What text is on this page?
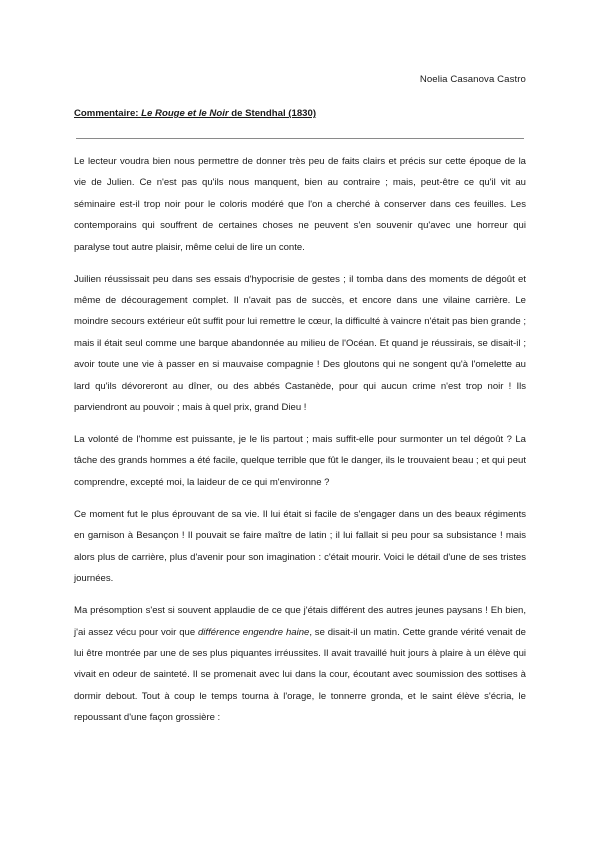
Noelia Casanova Castro
Commentaire: Le Rouge et le Noir de Stendhal (1830)

Le lecteur voudra bien nous permettre de donner très peu de faits clairs et précis sur cette époque de la vie de Julien. Ce n'est pas qu'ils nous manquent, bien au contraire ; mais, peut-être ce qu'il vit au séminaire est-il trop noir pour le coloris modéré que l'on a cherché à conserver dans ces feuilles. Les contemporains qui souffrent de certaines choses ne peuvent s'en souvenir qu'avec une horreur qui paralyse tout autre plaisir, même celui de lire un conte.

Juilien réussissait peu dans ses essais d'hypocrisie de gestes ; il tomba dans des moments de dégoût et même de découragement complet. Il n'avait pas de succès, et encore dans une vilaine carrière. Le moindre secours extérieur eût suffit pour lui remettre le cœur, la difficulté à vaincre n'était pas bien grande ; mais il était seul comme une barque abandonnée au milieu de l'Océan. Et quand je réussirais, se disait-il ; avoir toute une vie à passer en si mauvaise compagnie ! Des gloutons qui ne songent qu'à l'omelette au lard qu'ils dévoreront au dîner, ou des abbés Castanède, pour qui aucun crime n'est trop noir ! Ils parviendront au pouvoir ; mais à quel prix, grand Dieu !

La volonté de l'homme est puissante, je le lis partout ; mais suffit-elle pour surmonter un tel dégoût ? La tâche des grands hommes a été facile, quelque terrible que fût le danger, ils le trouvaient beau ; et qui peut comprendre, excepté moi, la laideur de ce qui m'environne ?

Ce moment fut le plus éprouvant de sa vie. Il lui était si facile de s'engager dans un des beaux régiments en garnison à Besançon ! Il pouvait se faire maître de latin ; il lui fallait si peu pour sa subsistance ! mais alors plus de carrière, plus d'avenir pour son imagination : c'était mourir. Voici le détail d'une de ses tristes journées.

Ma présomption s'est si souvent applaudie de ce que j'étais différent des autres jeunes paysans ! Eh bien, j'ai assez vécu pour voir que différence engendre haine, se disait-il un matin. Cette grande vérité venait de lui être montrée par une de ses plus piquantes irréussites. Il avait travaillé huit jours à plaire à un élève qui vivait en odeur de sainteté. Il se promenait avec lui dans la cour, écoutant avec soumission des sottises à dormir debout. Tout à coup le temps tourna à l'orage, le tonnerre gronda, et le saint élève s'écria, le repoussant d'une façon grossière :
